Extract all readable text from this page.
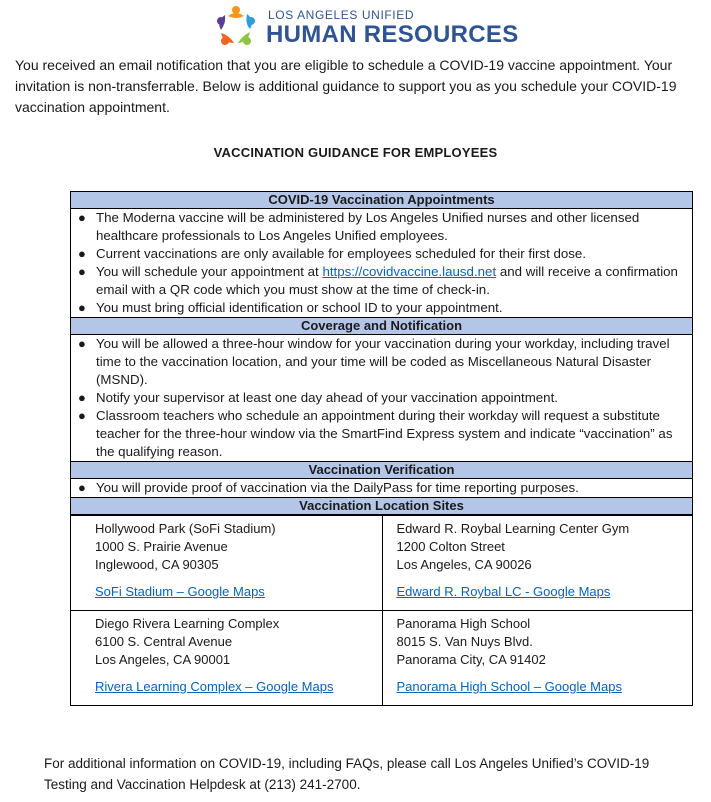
LOS ANGELES UNIFIED
HUMAN RESOURCES
You received an email notification that you are eligible to schedule a COVID-19 vaccine appointment. Your invitation is non-transferrable. Below is additional guidance to support you as you schedule your COVID-19 vaccination appointment.
VACCINATION GUIDANCE FOR EMPLOYEES
COVID-19 Vaccination Appointments
● The Moderna vaccine will be administered by Los Angeles Unified nurses and other licensed healthcare professionals to Los Angeles Unified employees.
● Current vaccinations are only available for employees scheduled for their first dose.
● You will schedule your appointment at https://covidvaccine.lausd.net and will receive a confirmation email with a QR code which you must show at the time of check-in.
● You must bring official identification or school ID to your appointment.
Coverage and Notification
● You will be allowed a three-hour window for your vaccination during your workday, including travel time to the vaccination location, and your time will be coded as Miscellaneous Natural Disaster (MSND).
● Notify your supervisor at least one day ahead of your vaccination appointment.
● Classroom teachers who schedule an appointment during their workday will request a substitute teacher for the three-hour window via the SmartFind Express system and indicate “vaccination” as the qualifying reason.
Vaccination Verification
● You will provide proof of vaccination via the DailyPass for time reporting purposes.
Vaccination Location Sites
Hollywood Park (SoFi Stadium)
1000 S. Prairie Avenue
Inglewood, CA 90305
SoFi Stadium – Google Maps
Edward R. Roybal Learning Center Gym
1200 Colton Street
Los Angeles, CA 90026
Edward R. Roybal LC - Google Maps
Diego Rivera Learning Complex
6100 S. Central Avenue
Los Angeles, CA 90001
Rivera Learning Complex – Google Maps
Panorama High School
8015 S. Van Nuys Blvd.
Panorama City, CA 91402
Panorama High School – Google Maps
For additional information on COVID-19, including FAQs, please call Los Angeles Unified’s COVID-19 Testing and Vaccination Helpdesk at (213) 241-2700.
